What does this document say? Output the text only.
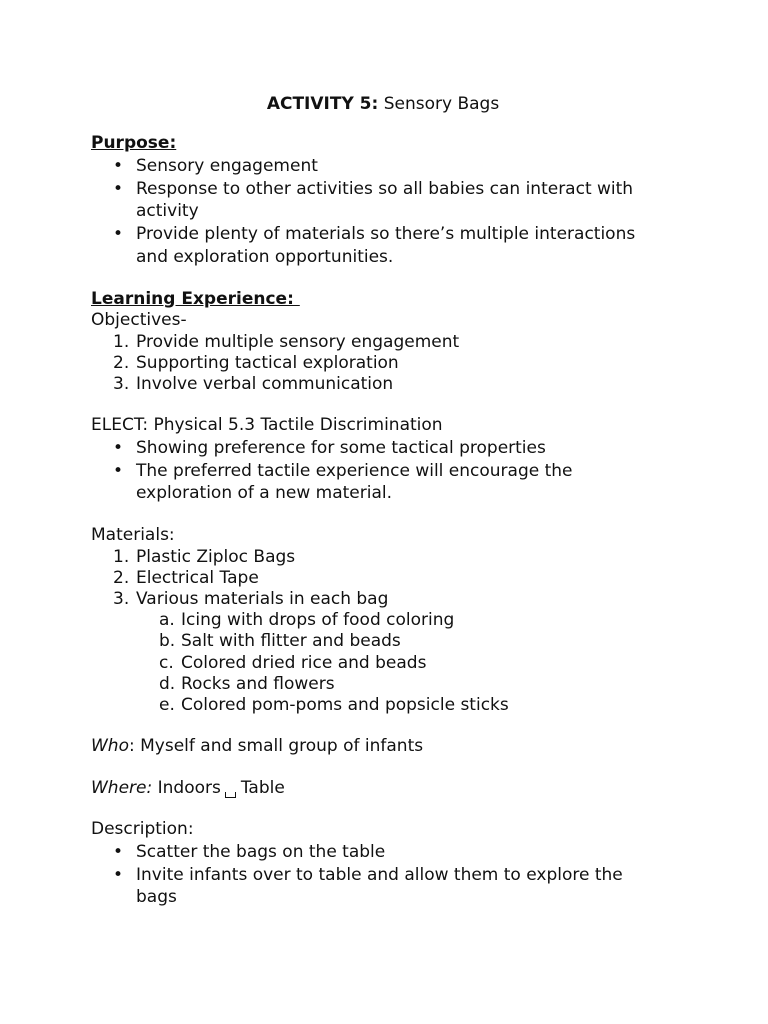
ACTIVITY 5: Sensory Bags
Purpose:
• Sensory engagement
• Response to other activities so all babies can interact with activity
• Provide plenty of materials so there’s multiple interactions and exploration opportunities.
Learning Experience:
Objectives-
1. Provide multiple sensory engagement
2. Supporting tactical exploration
3. Involve verbal communication
ELECT: Physical 5.3 Tactile Discrimination
• Showing preference for some tactical properties
• The preferred tactile experience will encourage the exploration of a new material.
Materials:
1. Plastic Ziploc Bags
2. Electrical Tape
3. Various materials in each bag
a. Icing with drops of food coloring
b. Salt with flitter and beads
c. Colored dried rice and beads
d. Rocks and flowers
e. Colored pom-poms and popsicle sticks
Who: Myself and small group of infants
Where: Indoors Table
Description:
• Scatter the bags on the table
• Invite infants over to table and allow them to explore the bags
